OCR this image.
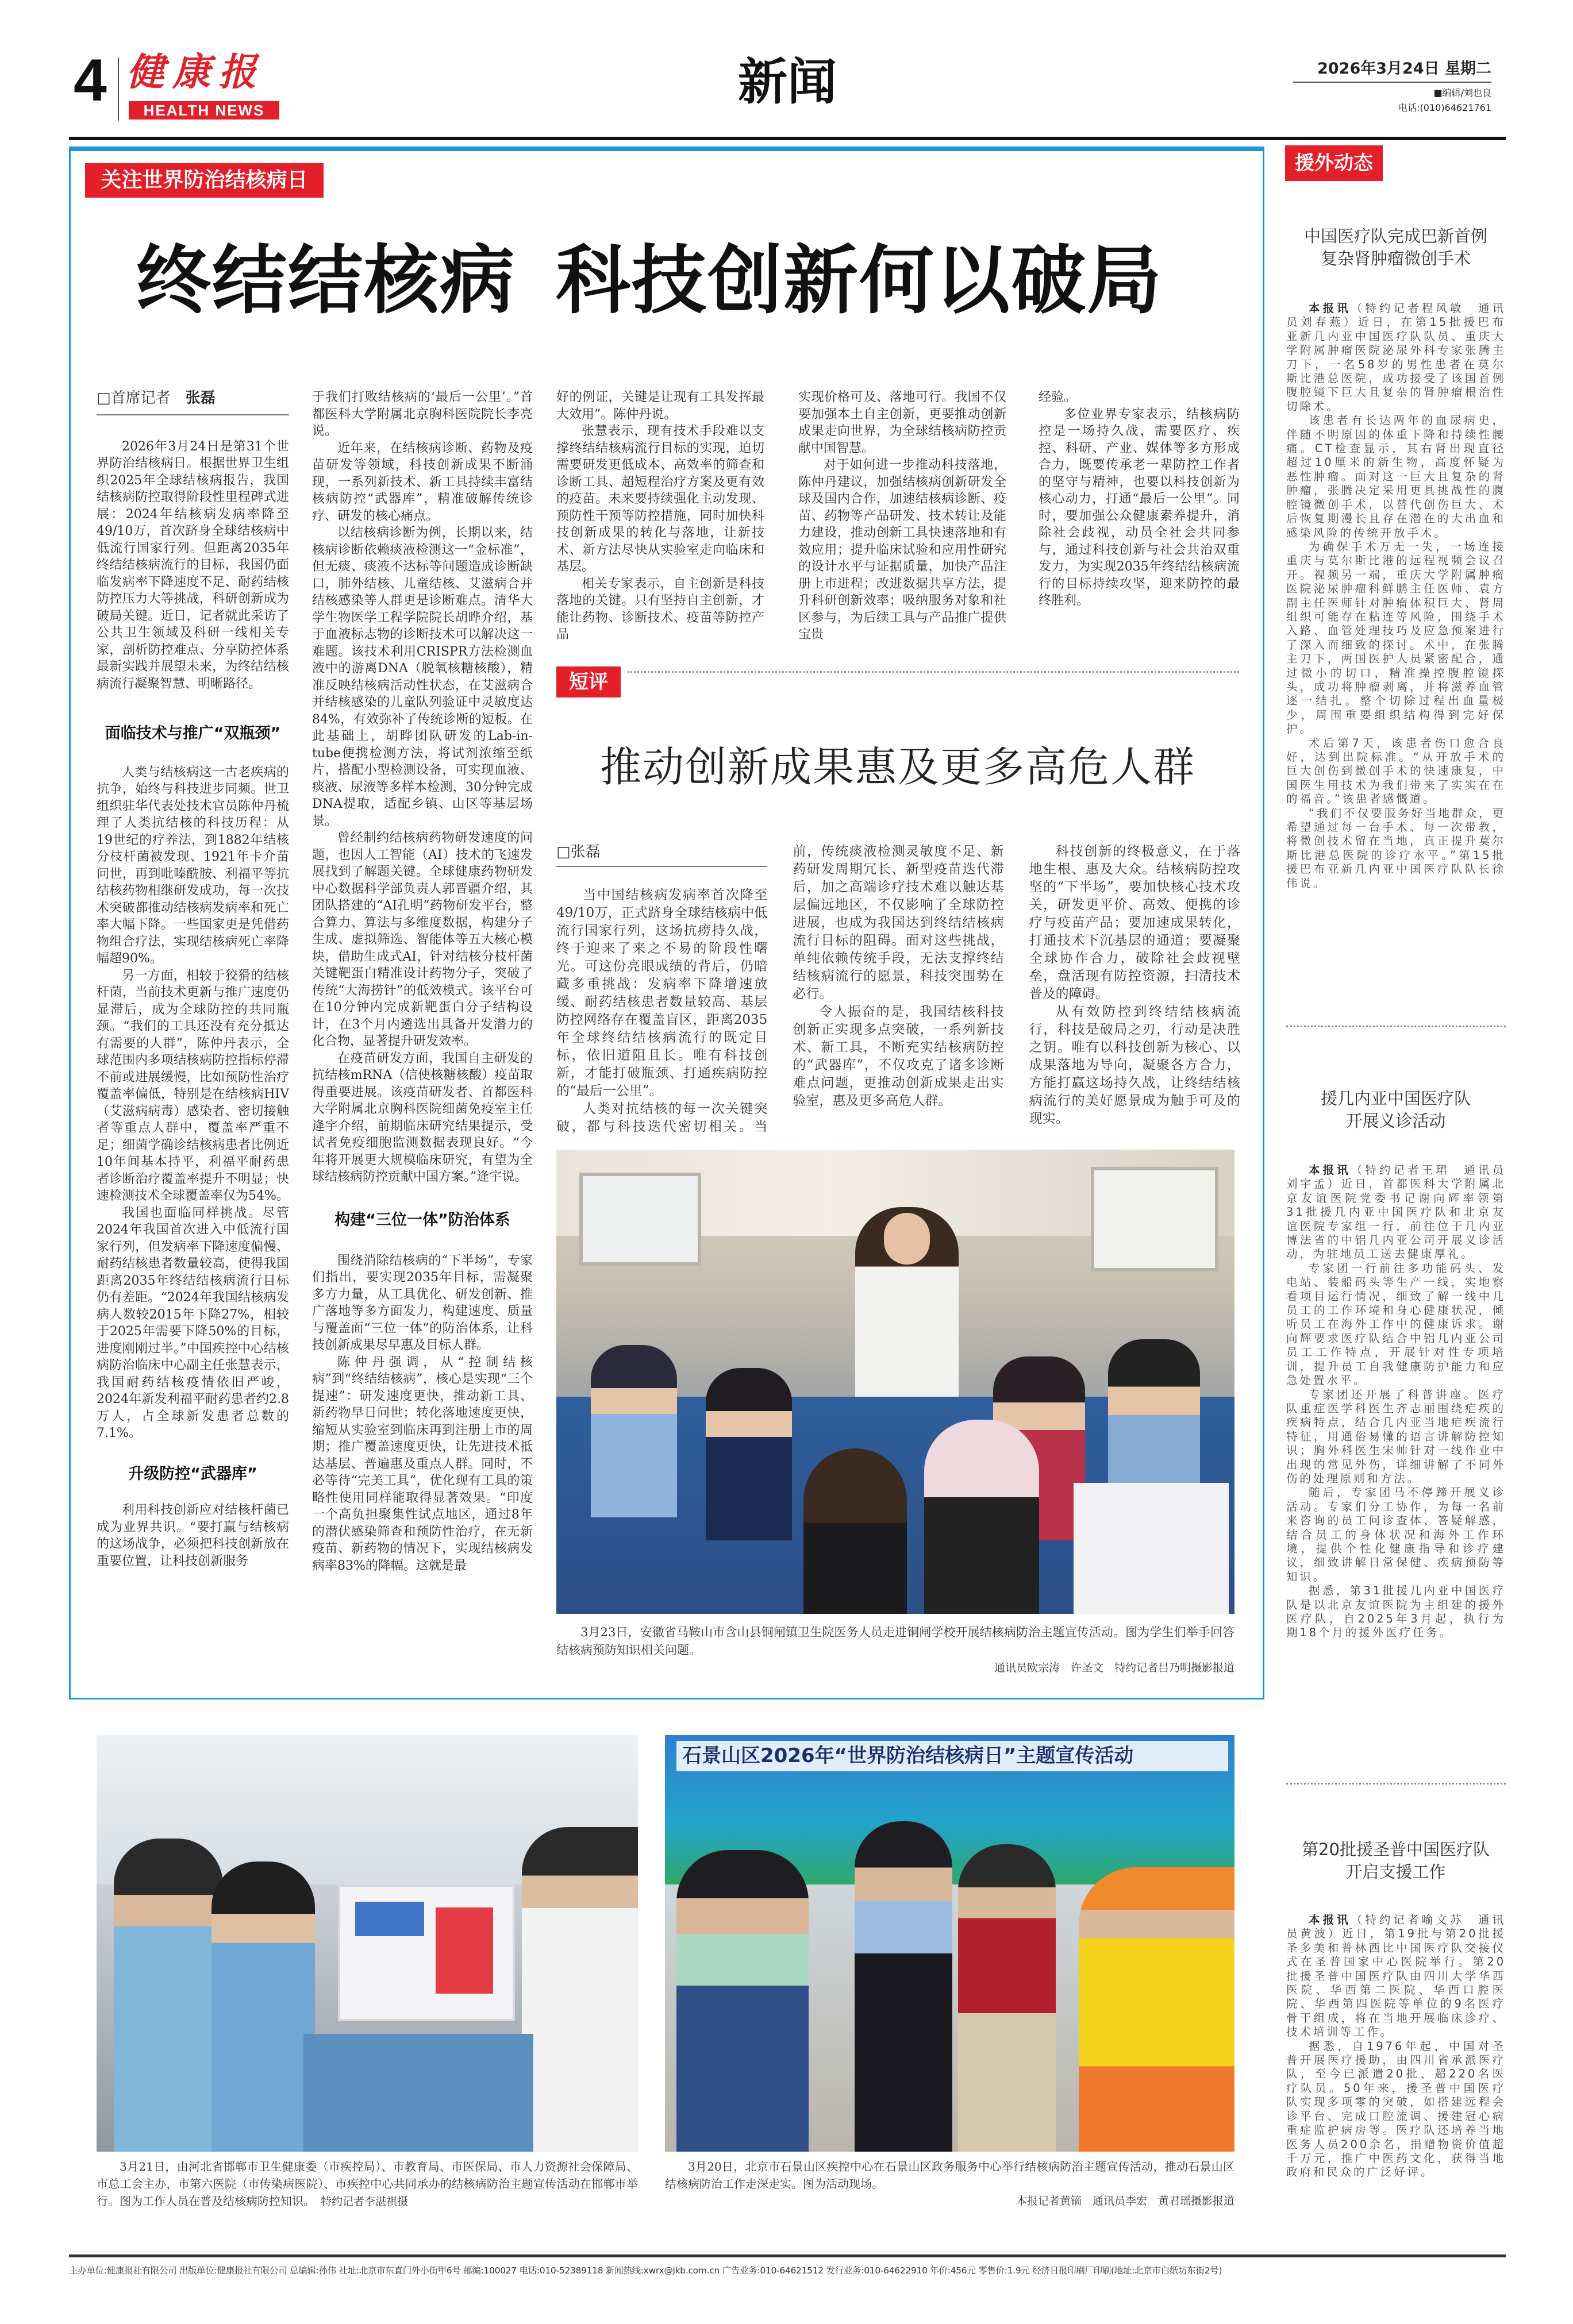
4 健康报
HEALTH NEWS	新闻	2026年3月24日 星期二
■编辑/刘也良
电话:(010)64621761
关注世界防治结核病日
终结结核病 科技创新何以破局
□首席记者　 张磊

2026年3月24日是第31个世界防治结核病日。根据世界卫生组织2025年全球结核病报告，我国结核病防控取得阶段性里程碑式进展：2024年结核病发病率降至49/10万，首次跻身全球结核病中低流行国家行列。但距离2035年终结结核病流行的目标，我国仍面临发病率下降速度不足、耐药结核防控压力大等挑战，科研创新成为破局关键。近日，记者就此采访了公共卫生领域及科研一线相关专家，剖析防控难点、分享防控体系最新实践并展望未来，为终结结核病流行凝聚智慧、明晰路径。

面临技术与推广“双瓶颈”

人类与结核病这一古老疾病的抗争，始终与科技进步同频。世卫组织驻华代表处技术官员陈仲丹梳理了人类抗结核的科技历程：从19世纪的疗养法，到1882年结核分枝杆菌被发现、1921年卡介苗问世，再到吡嗪酰胺、利福平等抗结核药物相继研发成功，每一次技术突破都推动结核病发病率和死亡率大幅下降。一些国家更是凭借药物组合疗法，实现结核病死亡率降幅超90%。

另一方面，相较于狡猾的结核杆菌，当前技术更新与推广速度仍显滞后，成为全球防控的共同瓶颈。“我们的工具还没有充分抵达有需要的人群”，陈仲丹表示，全球范围内多项结核病防控指标停滞不前或进展缓慢，比如预防性治疗覆盖率偏低，特别是在结核病HIV（艾滋病病毒）感染者、密切接触者等重点人群中，覆盖率严重不足；细菌学确诊结核病患者比例近10年间基本持平，利福平耐药患者诊断治疗覆盖率提升不明显；快速检测技术全球覆盖率仅为54%。

我国也面临同样挑战。尽管2024年我国首次进入中低流行国家行列，但发病率下降速度偏慢、耐药结核患者数量较高，使得我国距离2035年终结结核病流行目标仍有差距。“2024年我国结核病发病人数较2015年下降27%，相较于2025年需要下降50%的目标，进度刚刚过半。”中国疾控中心结核病防治临床中心副主任张慧表示，我国耐药结核疫情依旧严峻，2024年新发利福平耐药患者约2.8万人，占全球新发患者总数的7.1%。

升级防控“武器库”

利用科技创新应对结核杆菌已成为业界共识。“要打赢与结核病的这场战争，必须把科技创新放在重要位置，让科技创新服务

于我们打败结核病的‘最后一公里’。”首都医科大学附属北京胸科医院院长李亮说。

近年来，在结核病诊断、药物及疫苗研发等领域，科技创新成果不断涌现，一系列新技术、新工具持续丰富结核病防控“武器库”，精准破解传统诊疗、研发的核心痛点。

以结核病诊断为例，长期以来，结核病诊断依赖痰液检测这一“金标准”，但无痰、痰液不达标等问题造成诊断缺口，肺外结核、儿童结核、艾滋病合并结核感染等人群更是诊断难点。清华大学生物医学工程学院院长胡晔介绍，基于血液标志物的诊断技术可以解决这一难题。该技术利用CRISPR方法检测血液中的游离DNA（脱氧核糖核酸），精准反映结核病活动性状态，在艾滋病合并结核感染的儿童队列验证中灵敏度达84%，有效弥补了传统诊断的短板。在此基础上，胡晔团队研发的Lab-in-tube便携检测方法，将试剂浓缩至纸片，搭配小型检测设备，可实现血液、痰液、尿液等多样本检测，30分钟完成DNA提取，适配乡镇、山区等基层场景。

曾经制约结核病药物研发速度的问题，也因人工智能（AI）技术的飞速发展找到了解题关键。全球健康药物研发中心数据科学部负责人郭晋疆介绍，其团队搭建的“AI孔明”药物研发平台，整合算力、算法与多维度数据，构建分子生成、虚拟筛选、智能体等五大核心模块，借助生成式AI，针对结核分枝杆菌关键靶蛋白精准设计药物分子，突破了传统“大海捞针”的低效模式。该平台可在10分钟内完成新靶蛋白分子结构设计，在3个月内遴选出具备开发潜力的化合物，显著提升研发效率。

在疫苗研发方面，我国自主研发的抗结核mRNA（信使核糖核酸）疫苗取得重要进展。该疫苗研发者、首都医科大学附属北京胸科医院细菌免疫室主任逄宇介绍，前期临床研究结果提示，受试者免疫细胞监测数据表现良好。“今年将开展更大规模临床研究，有望为全球结核病防控贡献中国方案。”逄宇说。

构建“三位一体”防治体系

围绕消除结核病的“下半场”，专家们指出，要实现2035年目标，需凝聚多方力量，从工具优化、研发创新、推广落地等多方面发力，构建速度、质量与覆盖面“三位一体”的防治体系，让科技创新成果尽早惠及目标人群。

陈仲丹强调，从“控制结核病”到“终结结核病”，核心是实现“三个提速”：研发速度更快，推动新工具、新药物早日问世；转化落地速度更快，缩短从实验室到临床再到注册上市的周期；推广覆盖速度更快，让先进技术抵达基层、普遍惠及重点人群。同时，不必等待“完美工具”，优化现有工具的策略性使用同样能取得显著效果。“印度一个高负担聚集性试点地区，通过8年的潜伏感染筛查和预防性治疗，在无新疫苗、新药物的情况下，实现结核病发病率83%的降幅。这就是最

好的例证，关键是让现有工具发挥最大效用”。陈仲丹说。

张慧表示，现有技术手段难以支撑终结结核病流行目标的实现，迫切需要研发更低成本、高效率的筛查和诊断工具、超短程治疗方案及更有效的疫苗。未来要持续强化主动发现、预防性干预等防控措施，同时加快科技创新成果的转化与落地，让新技术、新方法尽快从实验室走向临床和基层。

相关专家表示，自主创新是科技落地的关键。只有坚持自主创新，才能让药物、诊断技术、疫苗等防控产品

实现价格可及、落地可行。我国不仅要加强本土自主创新，更要推动创新成果走向世界，为全球结核病防控贡献中国智慧。

对于如何进一步推动科技落地，陈仲丹建议，加强结核病创新研发全球及国内合作，加速结核病诊断、疫苗、药物等产品研发、技术转让及能力建设，推动创新工具快速落地和有效应用；提升临床试验和应用性研究的设计水平与证据质量，加快产品注册上市进程；改进数据共享方法，提升科研创新效率；吸纳服务对象和社区参与，为后续工具与产品推广提供宝贵

经验。

多位业界专家表示，结核病防控是一场持久战，需要医疗、疾控、科研、产业、媒体等多方形成合力，既要传承老一辈防控工作者的坚守与精神，也要以科技创新为核心动力，打通“最后一公里”。同时，要加强公众健康素养提升，消除社会歧视，动员全社会共同参与，通过科技创新与社会共治双重发力，为实现2035年终结结核病流行的目标持续攻坚，迎来防控的最终胜利。

短评
推动创新成果惠及更多高危人群
□张磊

当中国结核病发病率首次降至49/10万，正式跻身全球结核病中低流行国家行列，这场抗痨持久战，终于迎来了来之不易的阶段性曙光。可这份亮眼成绩的背后，仍暗藏多重挑战：发病率下降增速放缓、耐药结核患者数量较高、基层防控网络存在覆盖盲区，距离2035年全球终结结核病流行的既定目标，依旧道阻且长。唯有科技创新，才能打破瓶颈、打通疾病防控的“最后一公里”。

人类对抗结核的每一次关键突破，都与科技迭代密切相关。当前，传统痰液检测灵敏度不足、新药研发周期冗长、新型疫苗迭代滞后，加之高端诊疗技术难以触达基层偏远地区，不仅影响了全球防控进展，也成为我国达到终结结核病流行目标的阻碍。面对这些挑战，单纯依赖传统手段，无法支撑终结结核病流行的愿景，科技突围势在必行。

令人振奋的是，我国结核科技创新正实现多点突破，一系列新技术、新工具，不断充实结核病防控的“武器库”，不仅攻克了诸多诊断难点问题，更推动创新成果走出实验室，惠及更多高危人群。

科技创新的终极意义，在于落地生根、惠及大众。结核病防控攻坚的“下半场”，要加快核心技术攻关，研发更平价、高效、便携的诊疗与疫苗产品；要加速成果转化，打通技术下沉基层的通道；要凝聚全球协作合力，破除社会歧视壁垒，盘活现有防控资源，扫清技术普及的障碍。

从有效防控到终结结核病流行，科技是破局之刃，行动是决胜之钥。唯有以科技创新为核心、以成果落地为导向，凝聚各方合力，方能打赢这场持久战，让终结结核病流行的美好愿景成为触手可及的现实。

3月23日，安徽省马鞍山市含山县铜闸镇卫生院医务人员走进铜闸学校开展结核病防治主题宣传活动。图为学生们举手回答结核病预防知识相关问题。

通讯员欧宗涛　许圣文　特约记者吕乃明摄影报道

3月21日，由河北省邯郸市卫生健康委（市疾控局）、市教育局、市医保局、市人力资源社会保障局、市总工会主办，市第六医院（市传染病医院）、市疾控中心共同承办的结核病防治主题宣传活动在邯郸市举行。图为工作人员在普及结核病防控知识。　 特约记者李湛祺摄

石景山区2026年“世界防治结核病日”主题宣传活动

3月20日，北京市石景山区疾控中心在石景山区政务服务中心举行结核病防治主题宣传活动，推动石景山区结核病防治工作走深走实。图为活动现场。

本报记者黄镝　通讯员李宏　黄君瑶摄影报道
援外动态
中国医疗队完成巴新首例
复杂肾肿瘤微创手术

本报讯（特约记者程风敏　通讯员刘春燕）近日，在第15批援巴布亚新几内亚中国医疗队队员、重庆大学附属肿瘤医院泌尿外科专家张腾主刀下，一名58岁的男性患者在莫尔斯比港总医院，成功接受了该国首例腹腔镜下巨大且复杂的肾肿瘤根治性切除术。

该患者有长达两年的血尿病史，伴随不明原因的体重下降和持续性腰痛。CT检查显示，其右肾出现直径超过10厘米的新生物，高度怀疑为恶性肿瘤。面对这一巨大且复杂的肾肿瘤，张腾决定采用更具挑战性的腹腔镜微创手术，以替代创伤巨大、术后恢复期漫长且存在潜在的大出血和感染风险的传统开放手术。

为确保手术万无一失，一场连接重庆与莫尔斯比港的远程视频会议召开。视频另一端，重庆大学附属肿瘤医院泌尿肿瘤科鲜鹏主任医师、袁方副主任医师针对肿瘤体积巨大、肾周组织可能存在粘连等风险，围绕手术入路、血管处理技巧及应急预案进行了深入而细致的探讨。术中，在张腾主刀下，两国医护人员紧密配合，通过微小的切口，精准操控腹腔镜探头，成功将肿瘤剥离，并将滋养血管逐一结扎。整个切除过程出血量极少，周围重要组织结构得到完好保护。

术后第7天，该患者伤口愈合良好，达到出院标准。“从开放手术的巨大创伤到微创手术的快速康复，中国医生用技术为我们带来了实实在在的福音。”该患者感慨道。

“我们不仅要服务好当地群众，更希望通过每一台手术、每一次带教，将微创技术留在当地，真正提升莫尔斯比港总医院的诊疗水平。”第15批援巴布亚新几内亚中国医疗队队长徐伟说。

援几内亚中国医疗队
开展义诊活动

本报讯（特约记者王珺　通讯员刘宇孟）近日，首都医科大学附属北京友谊医院党委书记谢向辉率领第31批援几内亚中国医疗队和北京友谊医院专家组一行，前往位于几内亚博法省的中铝几内亚公司开展义诊活动，为驻地员工送去健康厚礼。

专家团一行前往多功能码头、发电站、装船码头等生产一线，实地察看项目运行情况，细致了解一线中几员工的工作环境和身心健康状况，倾听员工在海外工作中的健康诉求。谢向辉要求医疗队结合中铝几内亚公司员工工作特点，开展针对性专项培训，提升员工自我健康防护能力和应急处置水平。

专家团还开展了科普讲座。医疗队重症医学科医生齐志丽围绕疟疾的疾病特点，结合几内亚当地疟疾流行特征，用通俗易懂的语言讲解防控知识；胸外科医生宋帅针对一线作业中出现的常见外伤，详细讲解了不同外伤的处理原则和方法。

随后，专家团马不停蹄开展义诊活动。专家们分工协作，为每一名前来咨询的员工问诊查体、答疑解惑，结合员工的身体状况和海外工作环境，提供个性化健康指导和诊疗建议，细致讲解日常保健、疾病预防等知识。

据悉，第31批援几内亚中国医疗队是以北京友谊医院为主组建的援外医疗队，自2025年3月起，执行为期18个月的援外医疗任务。

第20批援圣普中国医疗队
开启支援工作

本报讯（特约记者喻文苏　通讯员黄波）近日，第19批与第20批援圣多美和普林西比中国医疗队交接仪式在圣普国家中心医院举行。第20批援圣普中国医疗队由四川大学华西医院、华西第二医院、华西口腔医院、华西第四医院等单位的9名医疗骨干组成，将在当地开展临床诊疗、技术培训等工作。

据悉，自1976年起，中国对圣普开展医疗援助，由四川省承派医疗队，至今已派遣20批、超220名医疗队员。50年来，援圣普中国医疗队实现多项零的突破，如搭建远程会诊平台、完成口腔流调、援建冠心病重症监护病房等。医疗队还培养当地医务人员200余名，捐赠物资价值超千万元，推广中医药文化，获得当地政府和民众的广泛好评。

主办单位:健康报社有限公司 出版单位:健康报社有限公司 总编辑:孙伟 社址:北京市东直门外小街甲6号 邮编:100027 电话:010-52389118 新闻热线:xwrx@jkb.com.cn 广告业务:010-64621512 发行业务:010-64622910 年价:456元 零售价:1.9元 经济日报印刷厂印刷(地址:北京市白纸坊东街2号)
